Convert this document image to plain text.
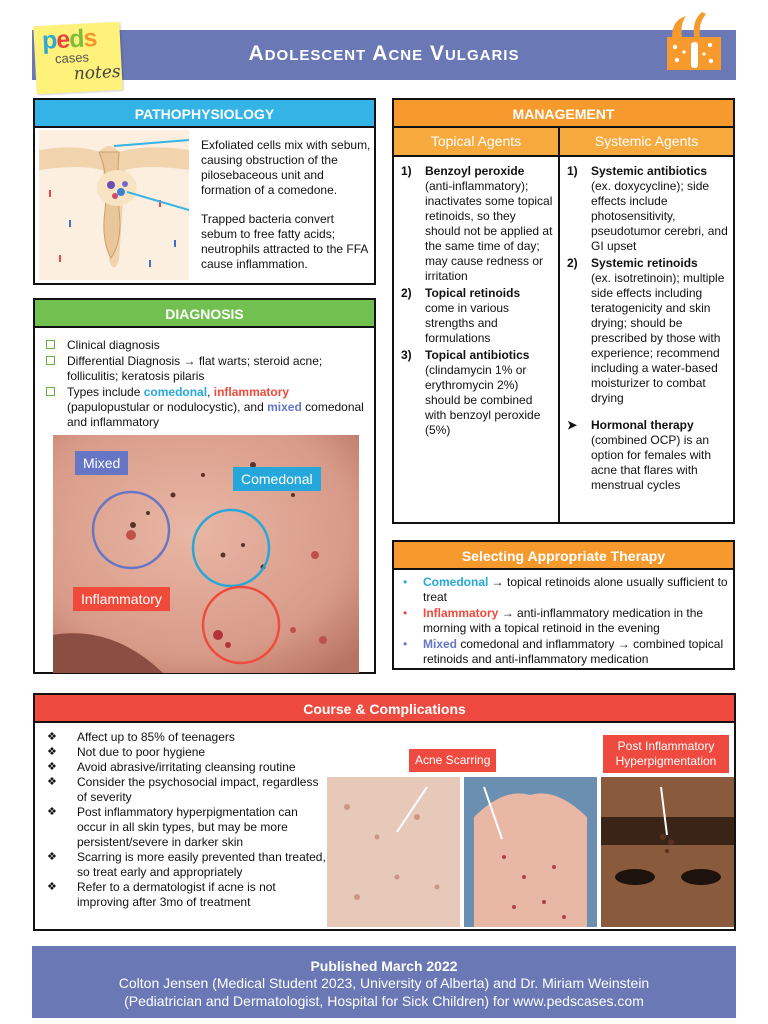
Adolescent Acne Vulgaris
peds
cases
notes
PATHOPHYSIOLOGY

Exfoliated cells mix with sebum, causing obstruction of the pilosebaceous unit and formation of a comedone.

Trapped bacteria convert sebum to free fatty acids; neutrophils attracted to the FFA cause inflammation.

DIAGNOSIS
Clinical diagnosis
Differential Diagnosis → flat warts; steroid acne; folliculitis; keratosis pilaris
Types include comedonal, inflammatory (papulopustular or nodulocystic), and mixed comedonal and inflammatory
Mixed
Comedonal
Inflammatory
MANAGEMENT
Topical Agents	Systemic Agents
1) Benzoyl peroxide
(anti-inflammatory); inactivates some topical retinoids, so they should not be applied at the same time of day; may cause redness or irritation
2) Topical retinoids
come in various strengths and formulations
3) Topical antibiotics
(clindamycin 1% or erythromycin 2%) should be combined with benzoyl peroxide (5%)
1) Systemic antibiotics
(ex. doxycycline); side effects include photosensitivity, pseudotumor cerebri, and GI upset
2) Systemic retinoids
(ex. isotretinoin); multiple side effects including teratogenicity and skin drying; should be prescribed by those with experience; recommend including a water-based moisturizer to combat drying
➤ Hormonal therapy
(combined OCP) is an option for females with acne that flares with menstrual cycles
Selecting Appropriate Therapy
• Comedonal → topical retinoids alone usually sufficient to treat
• Inflammatory → anti-inflammatory medication in the morning with a topical retinoid in the evening
• Mixed comedonal and inflammatory → combined topical retinoids and anti-inflammatory medication
Course & Complications
❖ Affect up to 85% of teenagers
❖ Not due to poor hygiene
❖ Avoid abrasive/irritating cleansing routine
❖ Consider the psychosocial impact, regardless of severity
❖ Post inflammatory hyperpigmentation can occur in all skin types, but may be more persistent/severe in darker skin
❖ Scarring is more easily prevented than treated, so treat early and appropriately
❖ Refer to a dermatologist if acne is not improving after 3mo of treatment
Acne Scarring
Post Inflammatory Hyperpigmentation
Published March 2022
Colton Jensen (Medical Student 2023, University of Alberta) and Dr. Miriam Weinstein
(Pediatrician and Dermatologist, Hospital for Sick Children) for www.pedscases.com
